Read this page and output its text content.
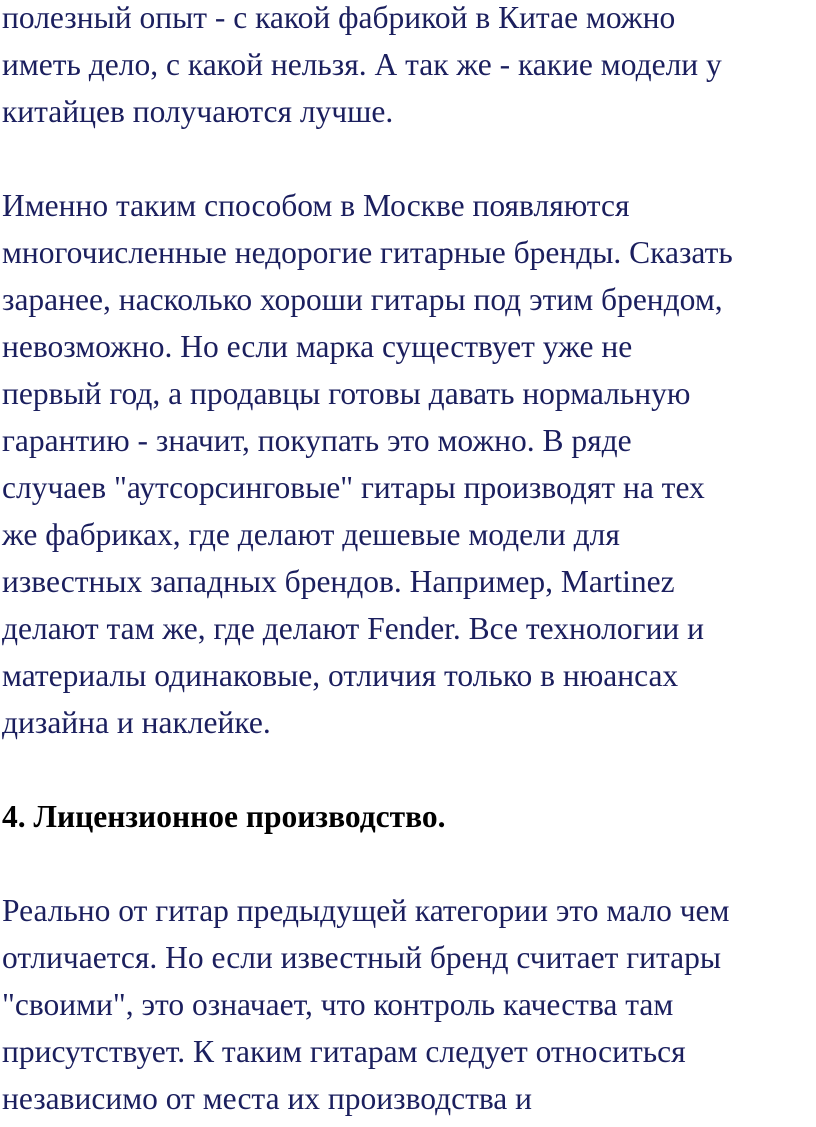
полезный опыт - с какой фабрикой в Китае можно
иметь дело, с какой нельзя. А так же - какие модели у
китайцев получаются лучше.
Именно таким способом в Москве появляются
многочисленные недорогие гитарные бренды. Сказать
заранее, насколько хороши гитары под этим брендом,
невозможно. Но если марка существует уже не
первый год, а продавцы готовы давать нормальную
гарантию - значит, покупать это можно. В ряде
случаев "аутсорсинговые" гитары производят на тех
же фабриках, где делают дешевые модели для
известных западных брендов. Например, Martinez
делают там же, где делают Fender. Все технологии и
материалы одинаковые, отличия только в нюансах
дизайна и наклейке.
4. Лицензионное производство.
Реально от гитар предыдущей категории это мало чем
отличается. Но если известный бренд считает гитары
"своими", это означает, что контроль качества там
присутствует. К таким гитарам следует относиться
независимо от места их производства и
